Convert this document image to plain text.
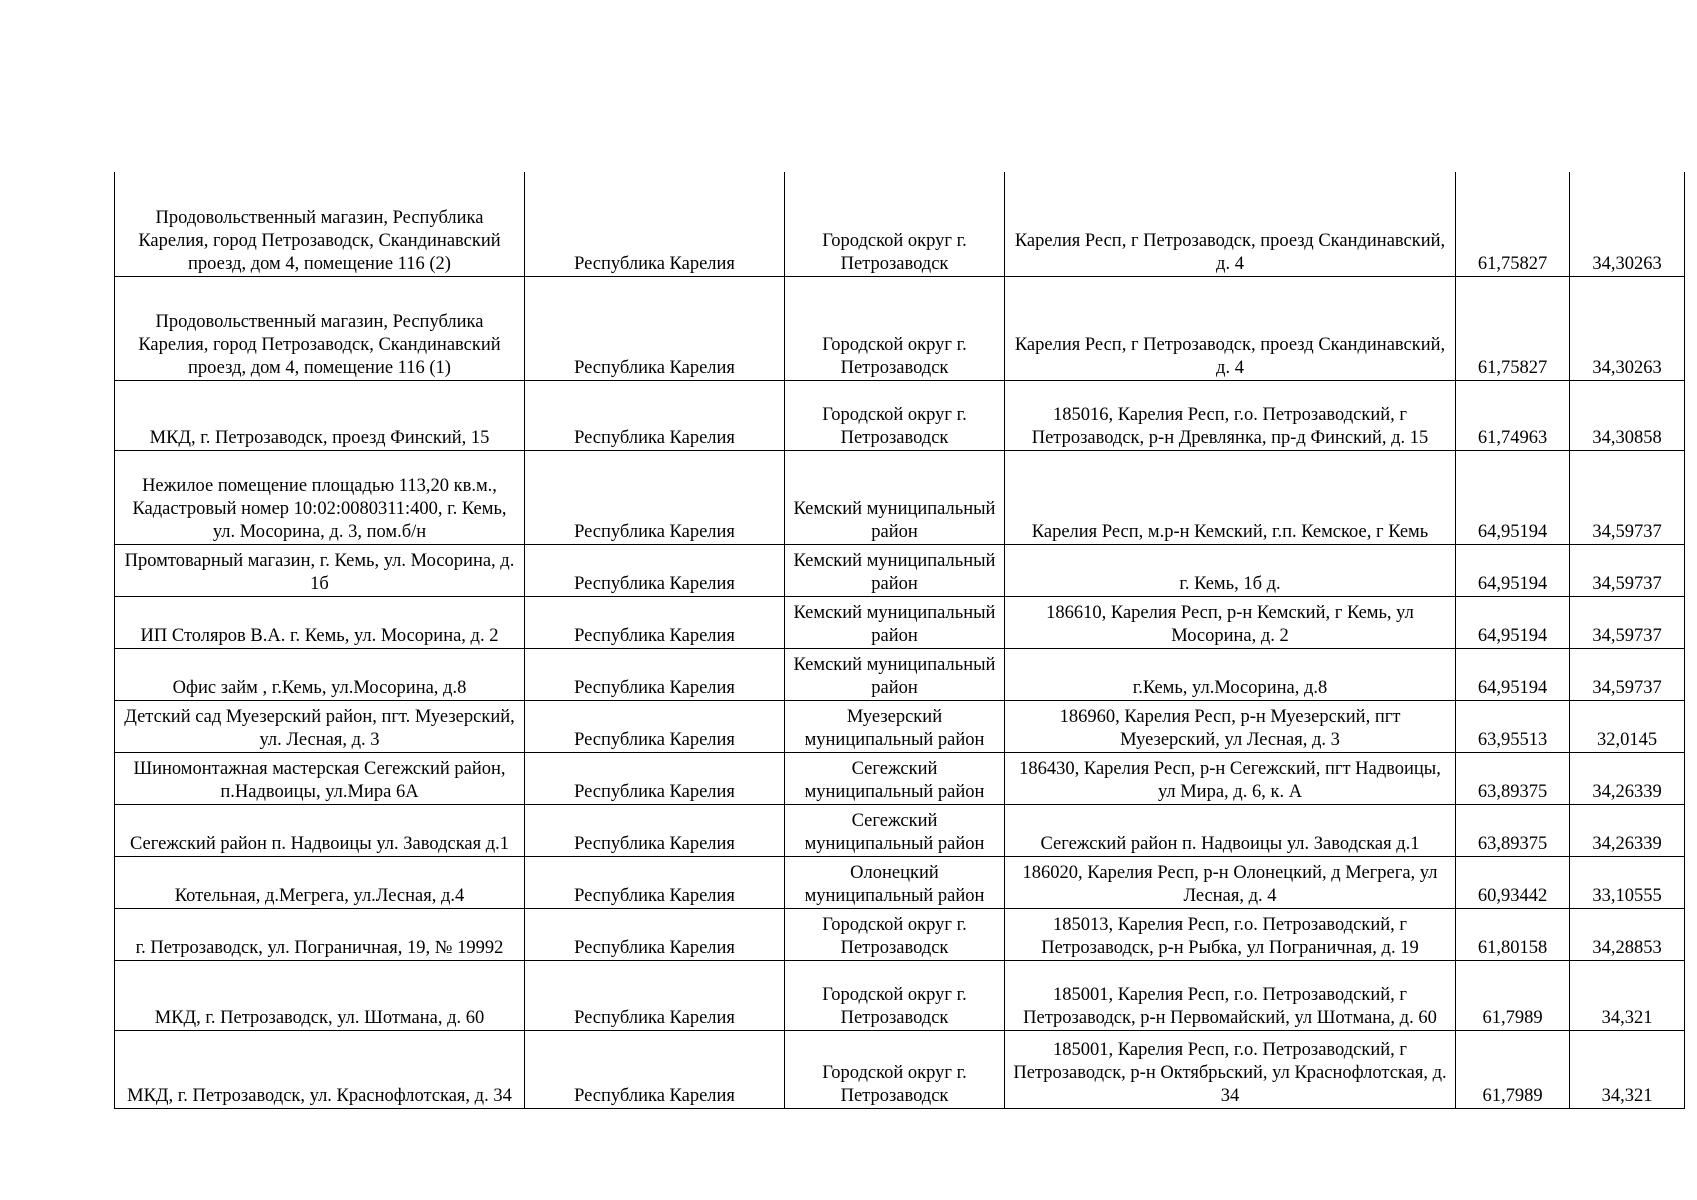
Продовольственный магазин, Республика Карелия, город Петрозаводск, Скандинавский проезд, дом 4, помещение 116 (2)	Республика Карелия	Городской округ г. Петрозаводск	Карелия Респ, г Петрозаводск, проезд Скандинавский, д. 4	61,75827	34,30263
Продовольственный магазин, Республика Карелия, город Петрозаводск, Скандинавский проезд, дом 4, помещение 116 (1)	Республика Карелия	Городской округ г. Петрозаводск	Карелия Респ, г Петрозаводск, проезд Скандинавский, д. 4	61,75827	34,30263
МКД, г. Петрозаводск, проезд Финский, 15	Республика Карелия	Городской округ г. Петрозаводск	185016, Карелия Респ, г.о. Петрозаводский, г Петрозаводск, р-н Древлянка, пр-д Финский, д. 15	61,74963	34,30858
Нежилое помещение площадью 113,20 кв.м., Кадастровый номер 10:02:0080311:400, г. Кемь, ул. Мосорина, д. 3, пом.б/н	Республика Карелия	Кемский муниципальный район	Карелия Респ, м.р-н Кемский, г.п. Кемское, г Кемь	64,95194	34,59737
Промтоварный магазин, г. Кемь, ул. Мосорина, д. 1б	Республика Карелия	Кемский муниципальный район	г. Кемь, 1б д.	64,95194	34,59737
ИП Столяров В.А. г. Кемь, ул. Мосорина, д. 2	Республика Карелия	Кемский муниципальный район	186610, Карелия Респ, р-н Кемский, г Кемь, ул Мосорина, д. 2	64,95194	34,59737
Офис займ , г.Кемь, ул.Мосорина, д.8	Республика Карелия	Кемский муниципальный район	г.Кемь, ул.Мосорина, д.8	64,95194	34,59737
Детский сад Муезерский район, пгт. Муезерский, ул. Лесная, д. 3	Республика Карелия	Муезерский муниципальный район	186960, Карелия Респ, р-н Муезерский, пгт Муезерский, ул Лесная, д. 3	63,95513	32,0145
Шиномонтажная мастерская Сегежский район, п.Надвоицы, ул.Мира 6А	Республика Карелия	Сегежский муниципальный район	186430, Карелия Респ, р-н Сегежский, пгт Надвоицы, ул Мира, д. 6, к. А	63,89375	34,26339
Сегежский район п. Надвоицы ул. Заводская д.1	Республика Карелия	Сегежский муниципальный район	Сегежский район п. Надвоицы ул. Заводская д.1	63,89375	34,26339
Котельная, д.Мегрега, ул.Лесная, д.4	Республика Карелия	Олонецкий муниципальный район	186020, Карелия Респ, р-н Олонецкий, д Мегрега, ул Лесная, д. 4	60,93442	33,10555
г. Петрозаводск, ул. Пограничная, 19, № 19992	Республика Карелия	Городской округ г. Петрозаводск	185013, Карелия Респ, г.о. Петрозаводский, г Петрозаводск, р-н Рыбка, ул Пограничная, д. 19	61,80158	34,28853
МКД, г. Петрозаводск, ул. Шотмана, д. 60	Республика Карелия	Городской округ г. Петрозаводск	185001, Карелия Респ, г.о. Петрозаводский, г Петрозаводск, р-н Первомайский, ул Шотмана, д. 60	61,7989	34,321
МКД, г. Петрозаводск, ул. Краснофлотская, д. 34	Республика Карелия	Городской округ г. Петрозаводск	185001, Карелия Респ, г.о. Петрозаводский, г Петрозаводск, р-н Октябрьский, ул Краснофлотская, д. 34	61,7989	34,321
